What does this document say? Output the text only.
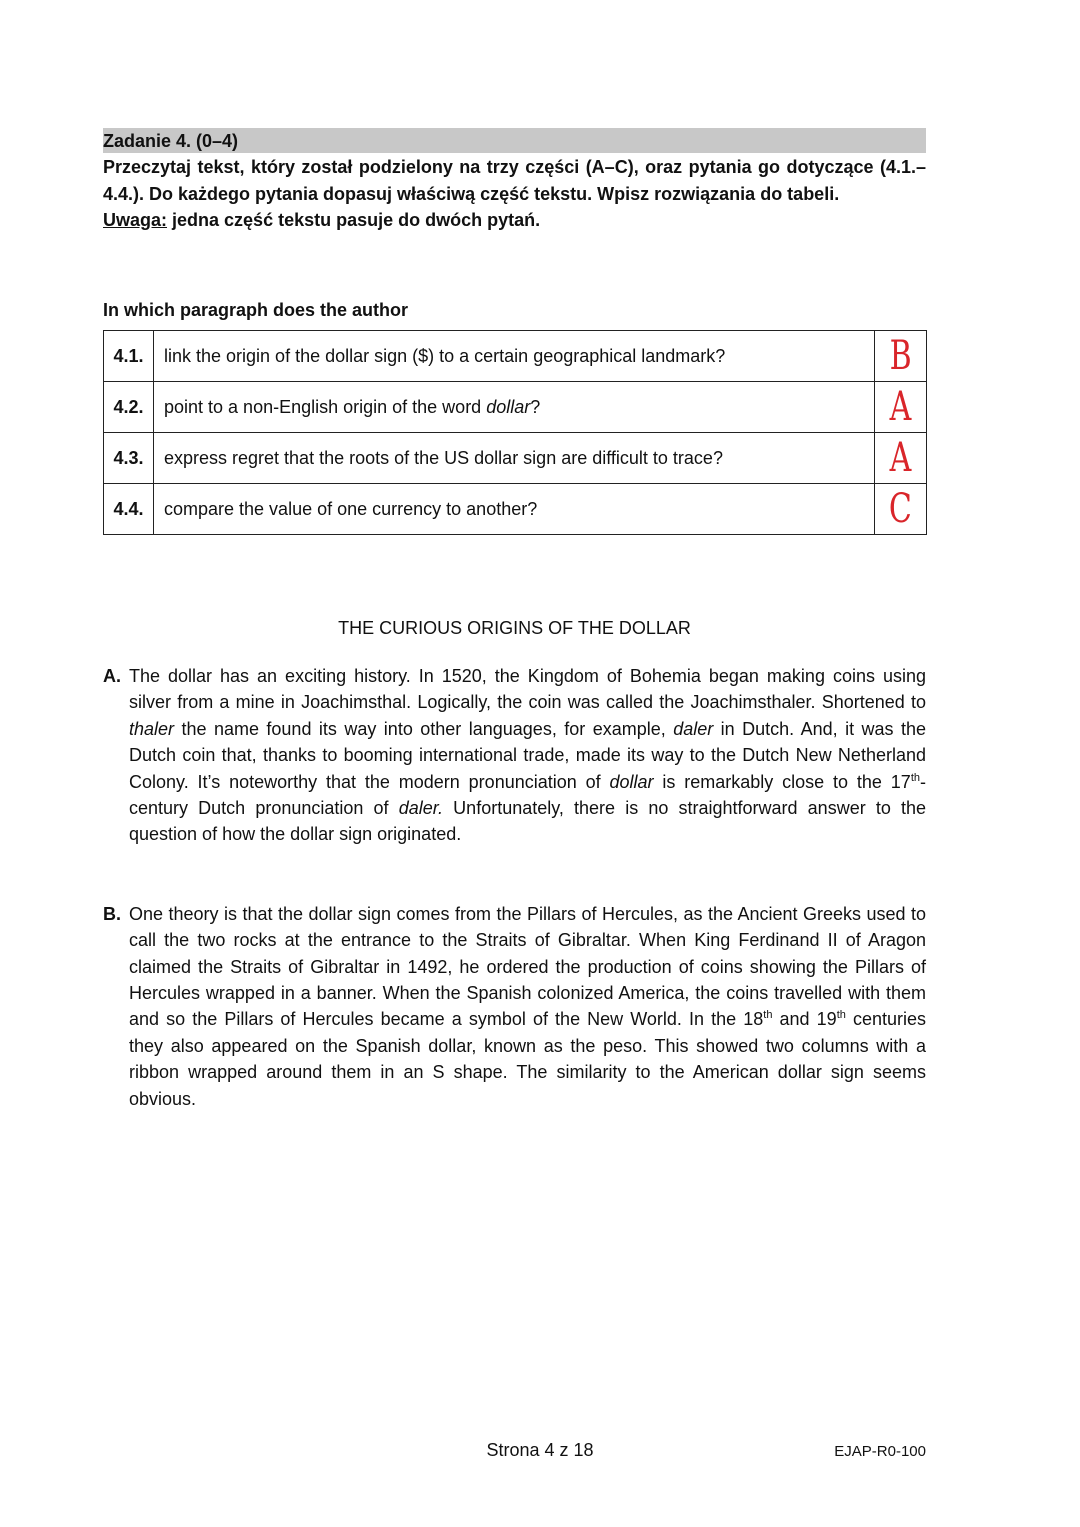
Zadanie 4. (0–4)
Przeczytaj tekst, który został podzielony na trzy części (A–C), oraz pytania go dotyczące (4.1.–4.4.). Do każdego pytania dopasuj właściwą część tekstu. Wpisz rozwiązania do tabeli.
Uwaga: jedna część tekstu pasuje do dwóch pytań.
In which paragraph does the author
4.1.	link the origin of the dollar sign ($) to a certain geographical landmark?	B
4.2.	point to a non-English origin of the word dollar?	A
4.3.	express regret that the roots of the US dollar sign are difficult to trace?	A
4.4.	compare the value of one currency to another?	C
THE CURIOUS ORIGINS OF THE DOLLAR
A. The dollar has an exciting history. In 1520, the Kingdom of Bohemia began making coins using silver from a mine in Joachimsthal. Logically, the coin was called the Joachimsthaler. Shortened to thaler the name found its way into other languages, for example, daler in Dutch. And, it was the Dutch coin that, thanks to booming international trade, made its way to the Dutch New Netherland Colony. It’s noteworthy that the modern pronunciation of dollar is remarkably close to the 17th-century Dutch pronunciation of daler. Unfortunately, there is no straightforward answer to the question of how the dollar sign originated.
B. One theory is that the dollar sign comes from the Pillars of Hercules, as the Ancient Greeks used to call the two rocks at the entrance to the Straits of Gibraltar. When King Ferdinand II of Aragon claimed the Straits of Gibraltar in 1492, he ordered the production of coins showing the Pillars of Hercules wrapped in a banner. When the Spanish colonized America, the coins travelled with them and so the Pillars of Hercules became a symbol of the New World. In the 18th and 19th centuries they also appeared on the Spanish dollar, known as the peso. This showed two columns with a ribbon wrapped around them in an S shape. The similarity to the American dollar sign seems obvious.
Strona 4 z 18	EJAP-R0-100
